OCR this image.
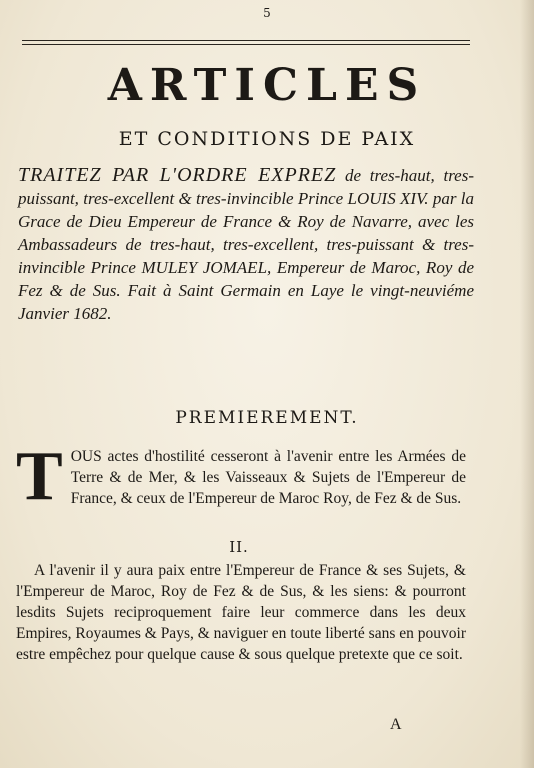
5
ARTICLES
ET CONDITIONS DE PAIX
TRAITEZ PAR L'ORDRE EXPREZ de tres-haut, tres-puissant, tres-excellent & tres-invincible Prince LOUIS XIV. par la Grace de Dieu Empereur de France & Roy de Navarre, avec les Ambassadeurs de tres-haut, tres-excellent, tres-puissant & tres-invincible Prince MULEY JOMAEL, Empereur de Maroc, Roy de Fez & de Sus. Fait à Saint Germain en Laye le vingt-neuviéme Janvier 1682.
PREMIEREMENT.
T OUS actes d'hostilité cesseront à l'avenir entre les Armées de Terre & de Mer, & les Vaisseaux & Sujets de l'Empereur de France, & ceux de l'Empereur de Maroc Roy, de Fez & de Sus.
II.
A l'avenir il y aura paix entre l'Empereur de France & ses Sujets, & l'Empereur de Maroc, Roy de Fez & de Sus, & les siens: & pourront lesdits Sujets reciproquement faire leur commerce dans les deux Empires, Royaumes & Pays, & naviguer en toute liberté sans en pouvoir estre empêchez pour quelque cause & sous quelque pretexte que ce soit.
A
